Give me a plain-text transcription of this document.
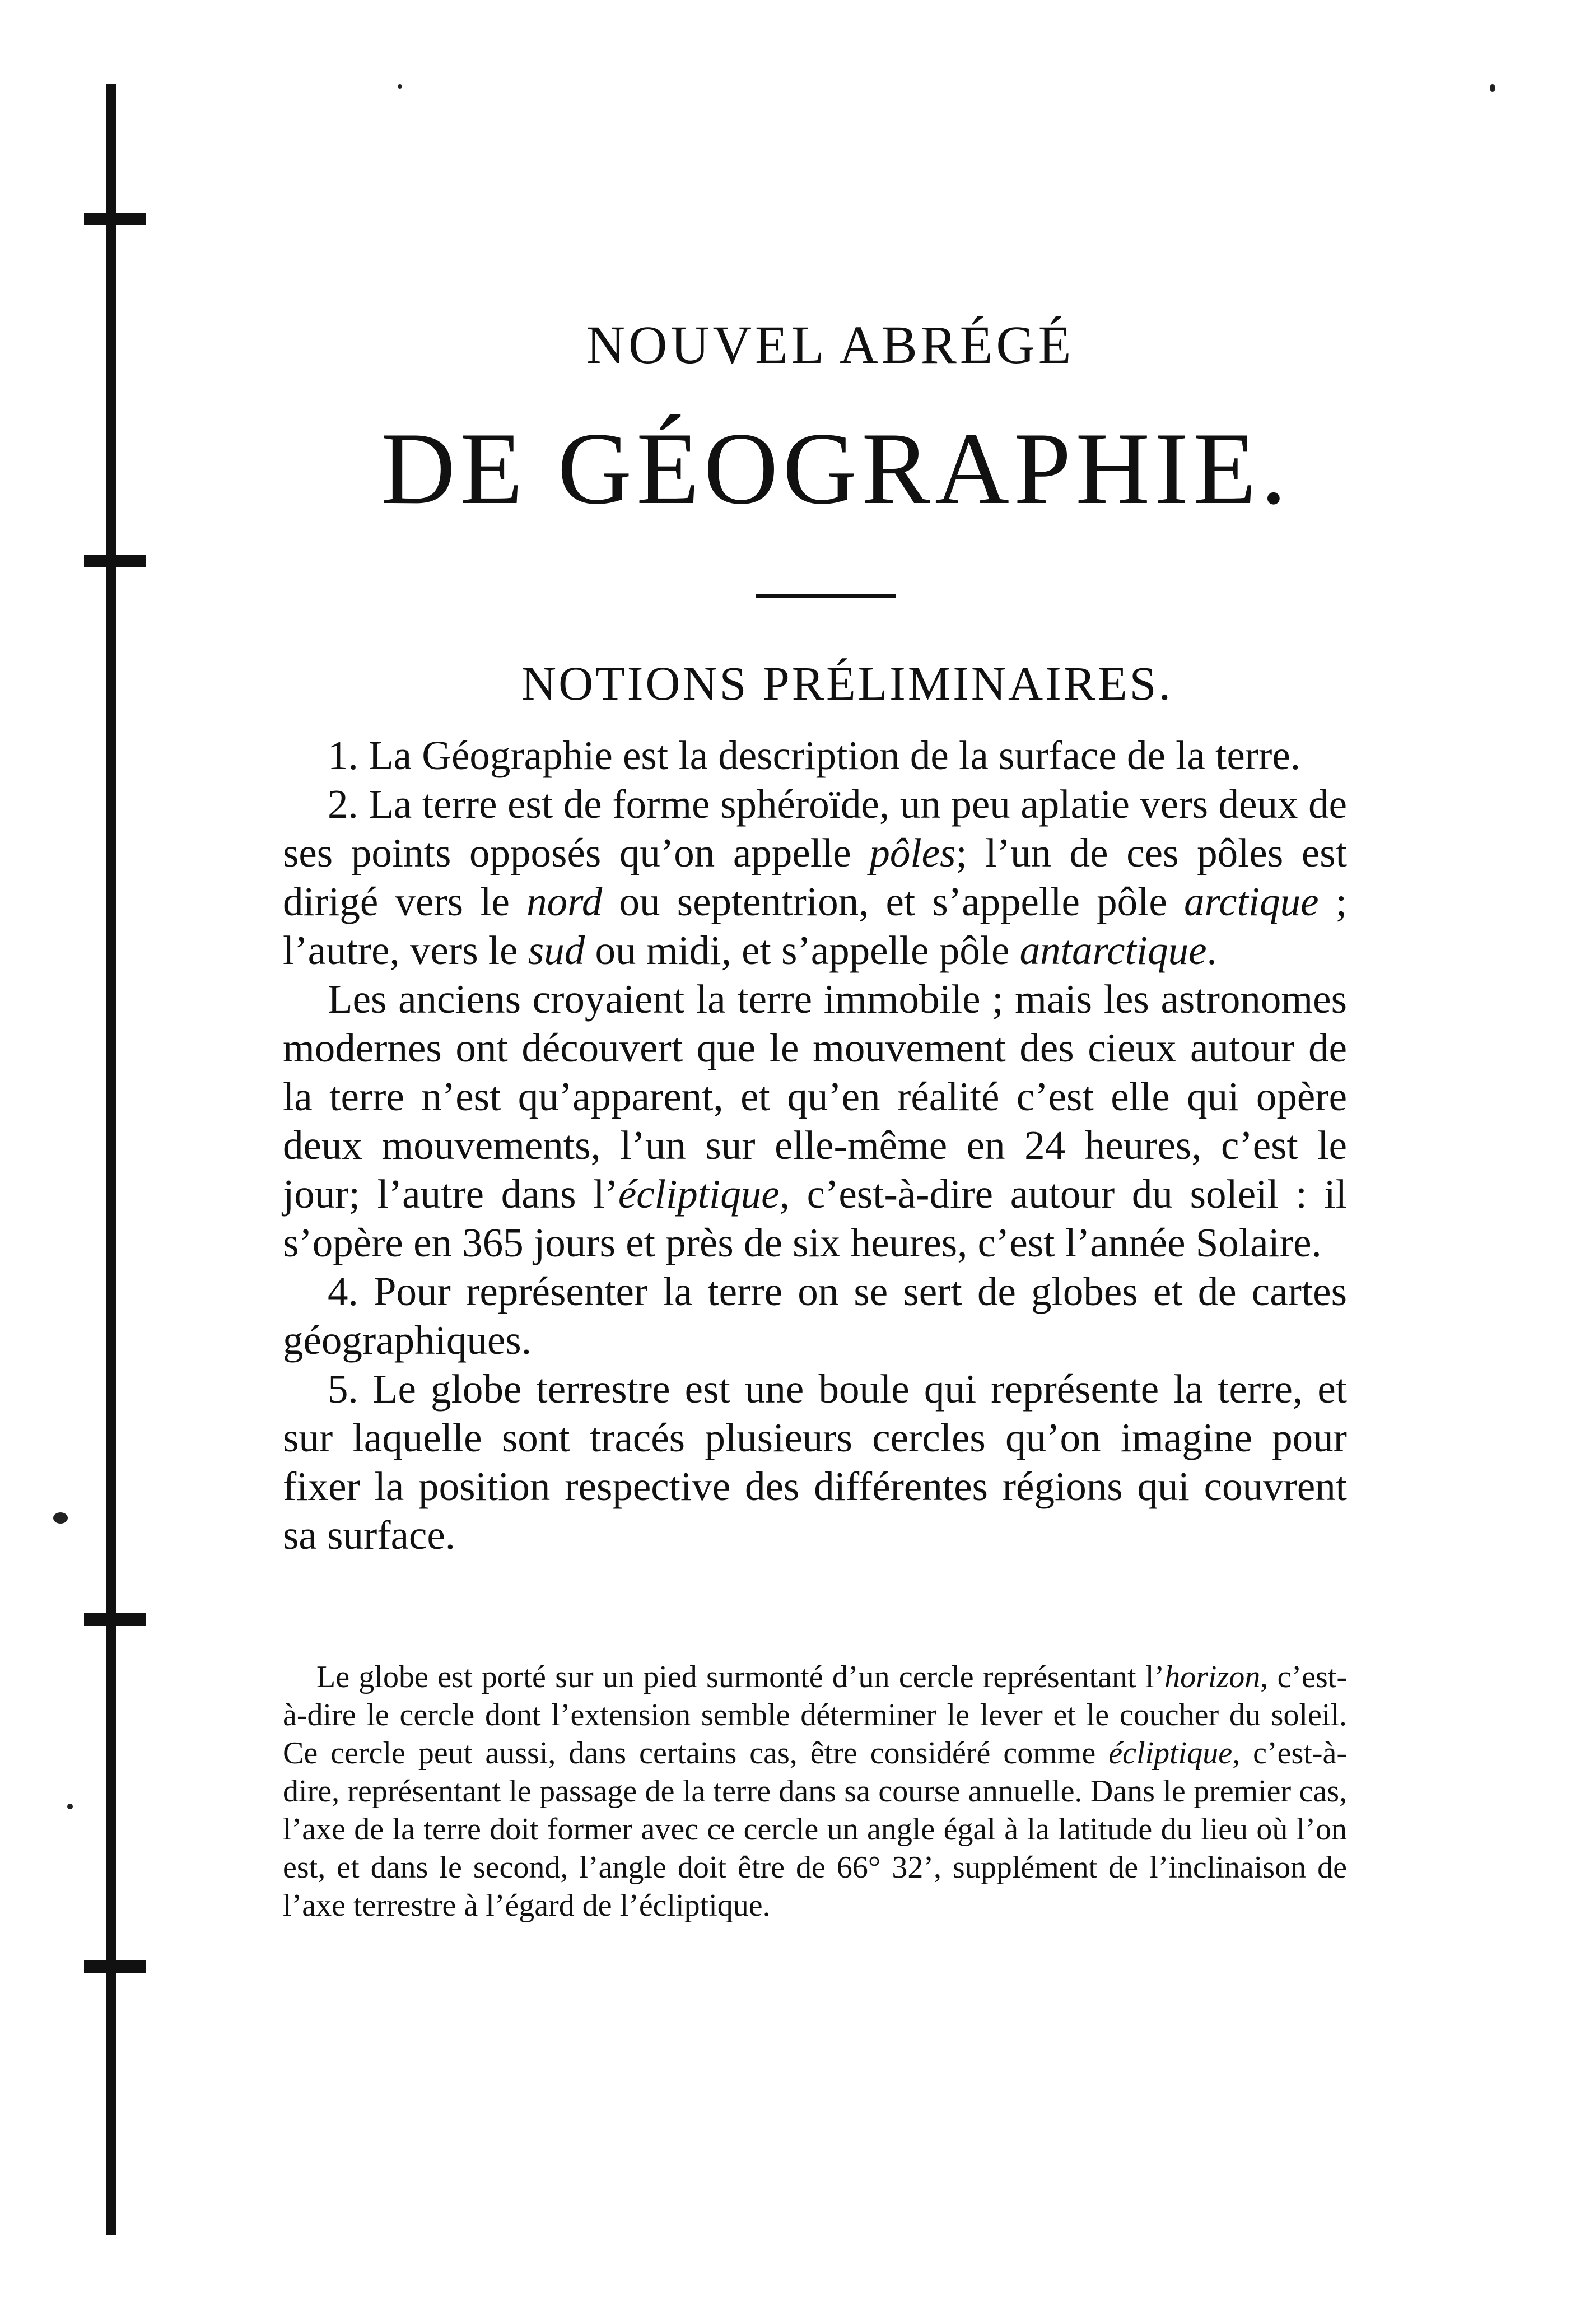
NOUVEL ABRÉGÉ
DE GÉOGRAPHIE.
NOTIONS PRÉLIMINAIRES.

1. La Géographie est la description de la surface de la terre.

2. La terre est de forme sphéroïde, un peu aplatie vers deux de ses points opposés qu’on appelle pôles; l’un de ces pôles est dirigé vers le nord ou septentrion, et s’appelle pôle arctique ; l’autre, vers le sud ou midi, et s’appelle pôle antarctique.

Les anciens croyaient la terre immobile ; mais les astronomes modernes ont découvert que le mouvement des cieux autour de la terre n’est qu’apparent, et qu’en réalité c’est elle qui opère deux mouvements, l’un sur elle-même en 24 heures, c’est le jour; l’autre dans l’écliptique, c’est-à-dire autour du soleil : il s’opère en 365 jours et près de six heures, c’est l’année Solaire.

4. Pour représenter la terre on se sert de globes et de cartes géographiques.

5. Le globe terrestre est une boule qui représente la terre, et sur laquelle sont tracés plusieurs cercles qu’on imagine pour fixer la position respective des différentes régions qui couvrent sa surface.

Le globe est porté sur un pied surmonté d’un cercle représentant l’horizon, c’est-à-dire le cercle dont l’extension semble déterminer le lever et le coucher du soleil. Ce cercle peut aussi, dans certains cas, être considéré comme écliptique, c’est-à-dire, représentant le passage de la terre dans sa course annuelle. Dans le premier cas, l’axe de la terre doit former avec ce cercle un angle égal à la latitude du lieu où l’on est, et dans le second, l’angle doit être de 66° 32’, supplément de l’inclinaison de l’axe terrestre à l’égard de l’écliptique.
